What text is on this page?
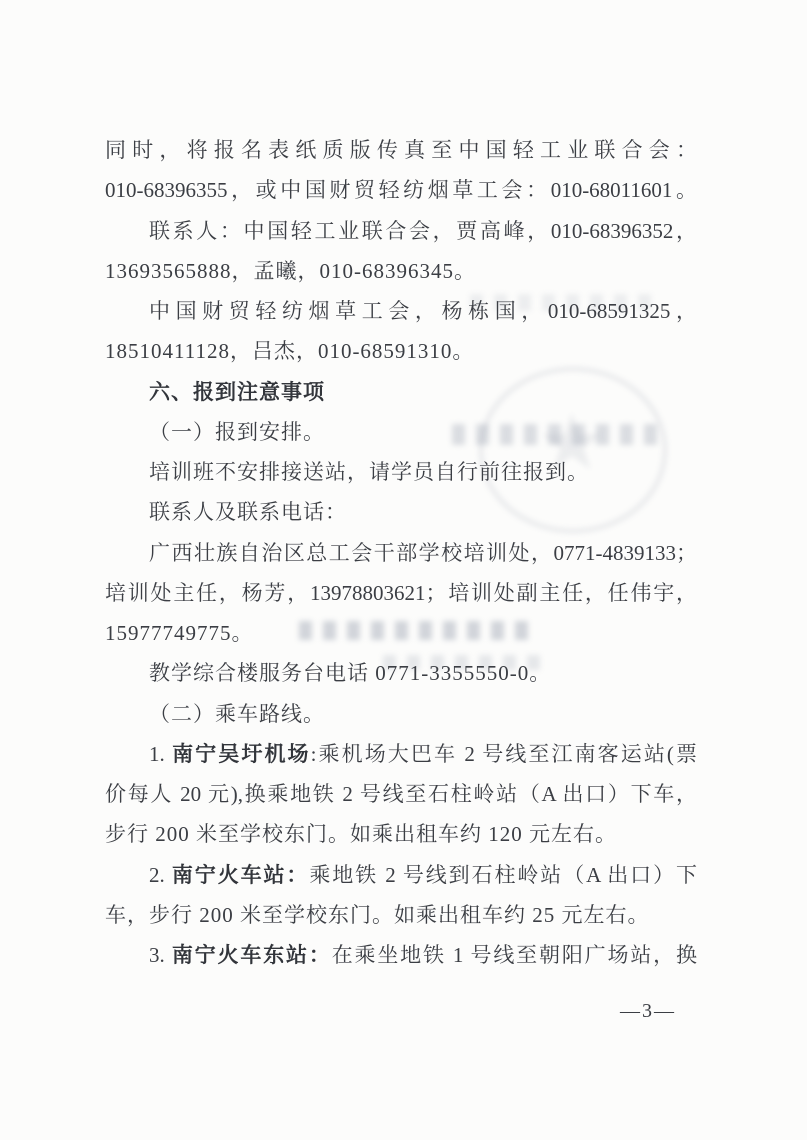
★
同时，将报名表纸质版传真至中国轻工业联合会：
010-68396355，或中国财贸轻纺烟草工会：010-68011601。
联系人：中国轻工业联合会，贾高峰，010-68396352，
13693565888，孟曦，010-68396345。
中国财贸轻纺烟草工会，杨栋国，010-68591325，
18510411128，吕杰，010-68591310。
六、报到注意事项
（一）报到安排。
培训班不安排接送站，请学员自行前往报到。
联系人及联系电话：
广西壮族自治区总工会干部学校培训处，0771-4839133；
培训处主任，杨芳，13978803621；培训处副主任，任伟宇，
15977749775。
教学综合楼服务台电话 0771-3355550-0。
（二）乘车路线。
1. 南宁吴圩机场:乘机场大巴车 2 号线至江南客运站(票
价每人 20 元),换乘地铁 2 号线至石柱岭站（A 出口）下车，
步行 200 米至学校东门。如乘出租车约 120 元左右。
2. 南宁火车站：乘地铁 2 号线到石柱岭站（A 出口）下
车，步行 200 米至学校东门。如乘出租车约 25 元左右。
3. 南宁火车东站：在乘坐地铁 1 号线至朝阳广场站，换
—3—
